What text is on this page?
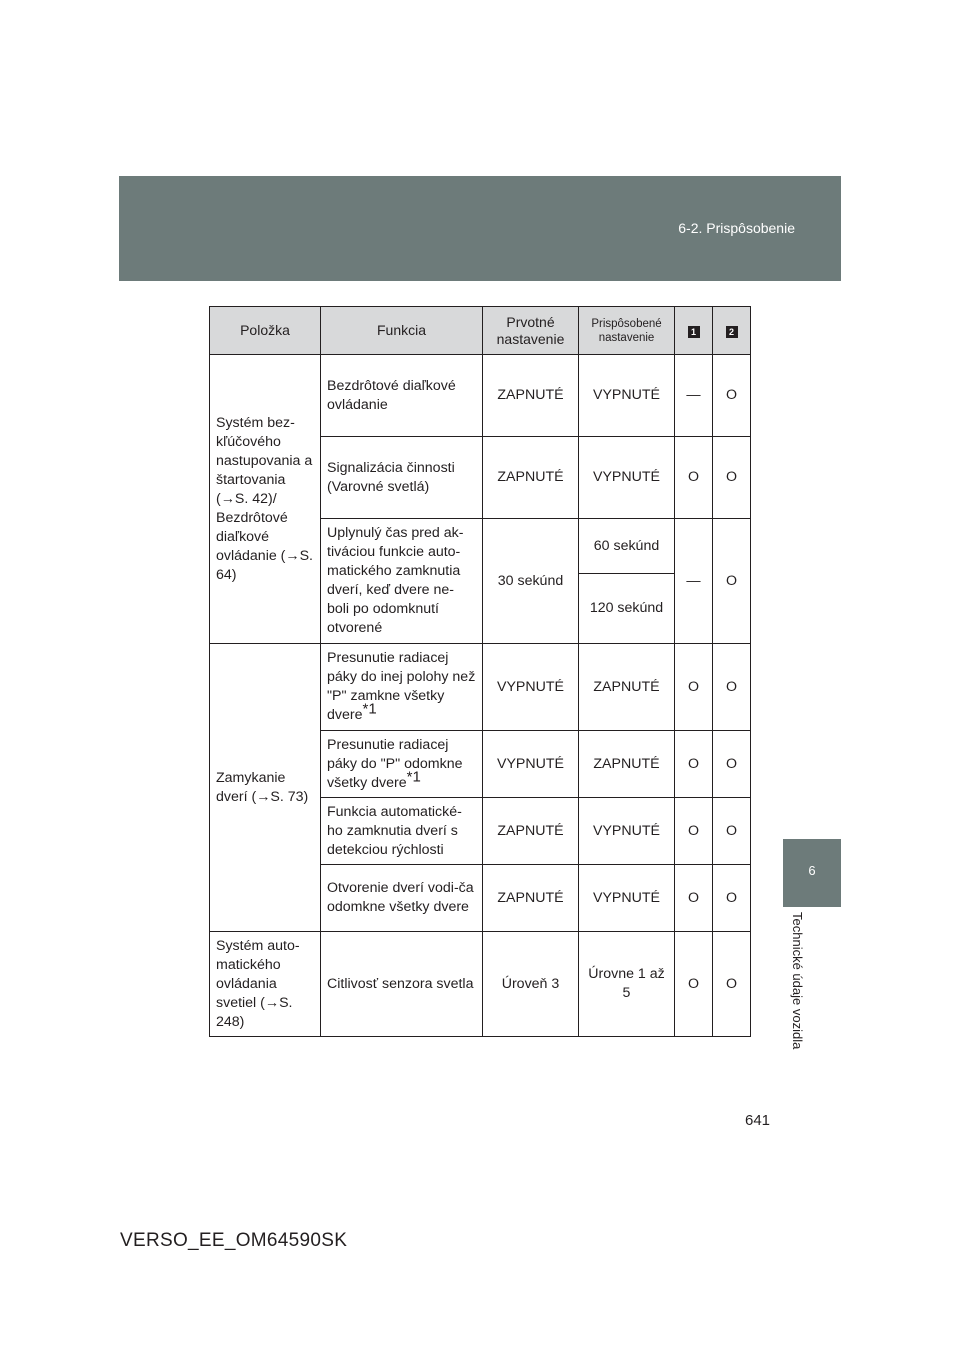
6-2. Prispôsobenie
6
Technické údaje vozidla
Položka	Funkcia	Prvotné nastavenie	Prispôsobené nastavenie	1	2
Systém bez-kľúčového nastupovania a štartovania (→S. 42)/ Bezdrôtové diaľkové ovládanie (→S. 64)	Bezdrôtové diaľkové ovládanie	ZAPNUTÉ	VYPNUTÉ	—	O
	Signalizácia činnosti (Varovné svetlá)	ZAPNUTÉ	VYPNUTÉ	O	O
	Uplynulý čas pred ak-tiváciou funkcie auto-matického zamknutia dverí, keď dvere ne-boli po odomknutí otvorené	30 sekúnd	60 sekúnd	—	O
			120 sekúnd		
Zamykanie dverí (→S. 73)	Presunutie radiacej páky do inej polohy než "P" zamkne všetky dvere$^{*1}$	VYPNUTÉ	ZAPNUTÉ	O	O
	Presunutie radiacej páky do "P" odomkne všetky dvere$^{*1}$	VYPNUTÉ	ZAPNUTÉ	O	O
	Funkcia automatické-ho zamknutia dverí s detekciou rýchlosti	ZAPNUTÉ	VYPNUTÉ	O	O
	Otvorenie dverí vodi-ča odomkne všetky dvere	ZAPNUTÉ	VYPNUTÉ	O	O
Systém auto-matického ovládania svetiel (→S. 248)	Citlivosť senzora svetla	Úroveň 3	Úrovne 1 až 5	O	O
641
VERSO_EE_OM64590SK
